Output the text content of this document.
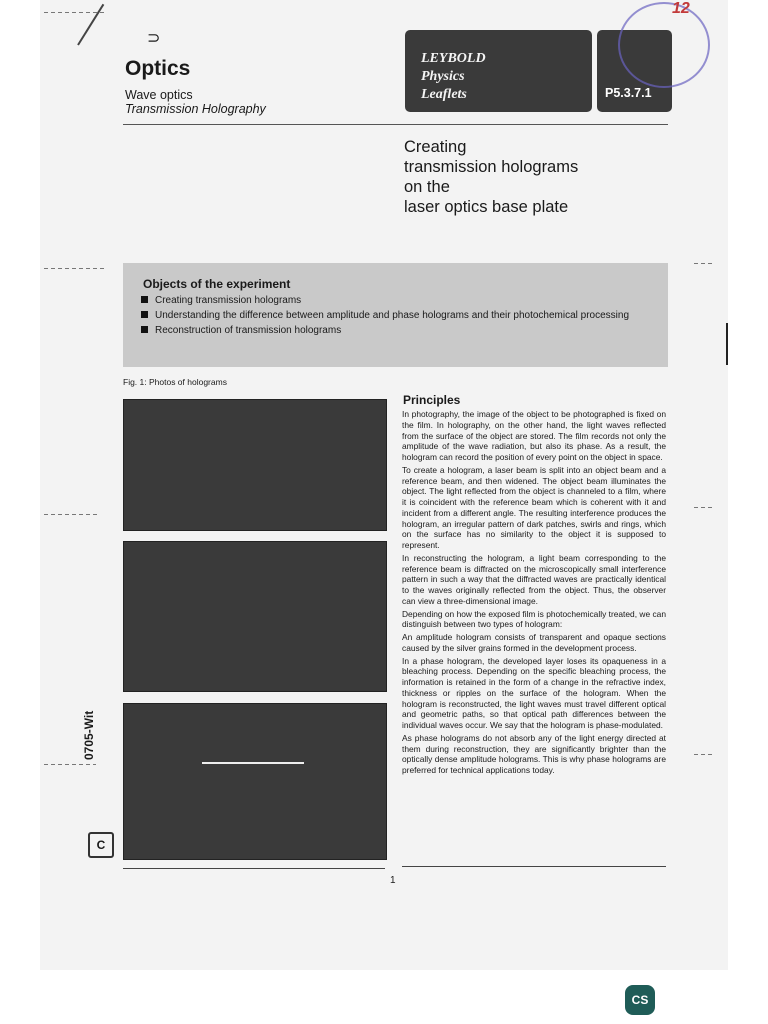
⊃
Optics
Wave optics
Transmission Holography
LEYBOLD
Physics
Leaflets	P5.3.7.1
12
Creating
transmission holograms
on the
laser optics base plate
Objects of the experiment
Creating transmission holograms
Understanding the difference between amplitude and phase holograms and their photochemical processing
Reconstruction of transmission holograms
Fig. 1: Photos of holograms
Principles

In photography, the image of the object to be photographed is fixed on the film. In holography, on the other hand, the light waves reflected from the surface of the object are stored. The film records not only the amplitude of the wave radiation, but also its phase. As a result, the hologram can record the position of every point on the object in space.

To create a hologram, a laser beam is split into an object beam and a reference beam, and then widened. The object beam illuminates the object. The light reflected from the object is channeled to a film, where it is coincident with the reference beam which is coherent with it and incident from a different angle. The resulting interference produces the hologram, an irregular pattern of dark patches, swirls and rings, which on the surface has no similarity to the object it is supposed to represent.

In reconstructing the hologram, a light beam corresponding to the reference beam is diffracted on the microscopically small interference pattern in such a way that the diffracted waves are practically identical to the waves originally reflected from the object. Thus, the observer can view a three-dimensional image.

Depending on how the exposed film is photochemically treated, we can distinguish between two types of hologram:

An amplitude hologram consists of transparent and opaque sections caused by the silver grains formed in the development process.

In a phase hologram, the developed layer loses its opaqueness in a bleaching process. Depending on the specific bleaching process, the information is retained in the form of a change in the refractive index, thickness or ripples on the surface of the hologram. When the hologram is reconstructed, the light waves must travel different optical and geometric paths, so that optical path differences between the individual waves occur. We say that the hologram is phase-modulated.

As phase holograms do not absorb any of the light energy directed at them during reconstruction, they are significantly brighter than the optically dense amplitude holograms. This is why phase holograms are preferred for technical applications today.

1
0705-Wit
C
CS
